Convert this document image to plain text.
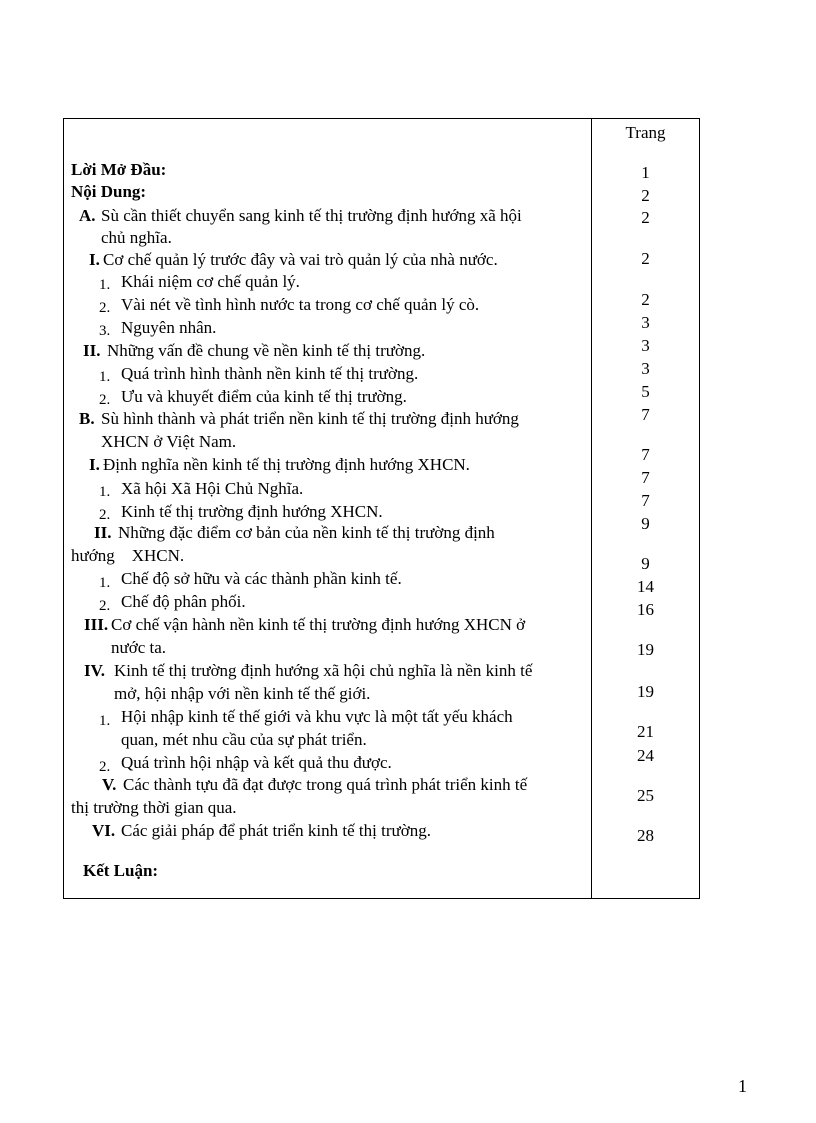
Lời Mở Đầu:
Nội Dung:
A. Sù cần thiết chuyển sang kinh tế thị trường định hướng xã hội
chủ nghĩa.
I. Cơ chế quản lý trước đây và vai trò quản lý của nhà nước.
1. Khái niệm cơ chế quản lý.
2. Vài nét về tình hình nước ta trong cơ chế quản lý cò.
3. Nguyên nhân.
II. Những vấn đề chung về nền kinh tế thị trường.
1. Quá trình hình thành nền kinh tế thị trường.
2. Ưu và khuyết điểm của kinh tế thị trường.
B. Sù hình thành và phát triển nền kinh tế thị trường định hướng
XHCN ở Việt Nam.
I. Định nghĩa nền kinh tế thị trường định hướng XHCN.
1. Xã hội Xã Hội Chủ Nghĩa.
2. Kinh tế thị trường định hướng XHCN.
II. Những đặc điểm cơ bản của nền kinh tế thị trường định
hướng    XHCN.
1. Chế độ sở hữu và các thành phần kinh tế.
2. Chế độ phân phối.
III. Cơ chế vận hành nền kinh tế thị trường định hướng XHCN ở
nước ta.
IV. Kinh tế thị trường định hướng xã hội chủ nghĩa là nền kinh tế
mở, hội nhập với nền kinh tế thế giới.
1. Hội nhập kinh tế thế giới và khu vực là một tất yếu khách
quan, mét nhu cầu của sự phát triển.
2. Quá trình hội nhập và kết quả thu được.
V. Các thành tựu đã đạt được trong quá trình phát triển kinh tế
thị trường thời gian qua.
VI. Các giải pháp để phát triển kinh tế thị trường.
Kết Luận:
Trang
1
2
2
2
2
3
3
3
5
7
7
7
7
9
9
14
16
19
19
21
24
25
28
1
